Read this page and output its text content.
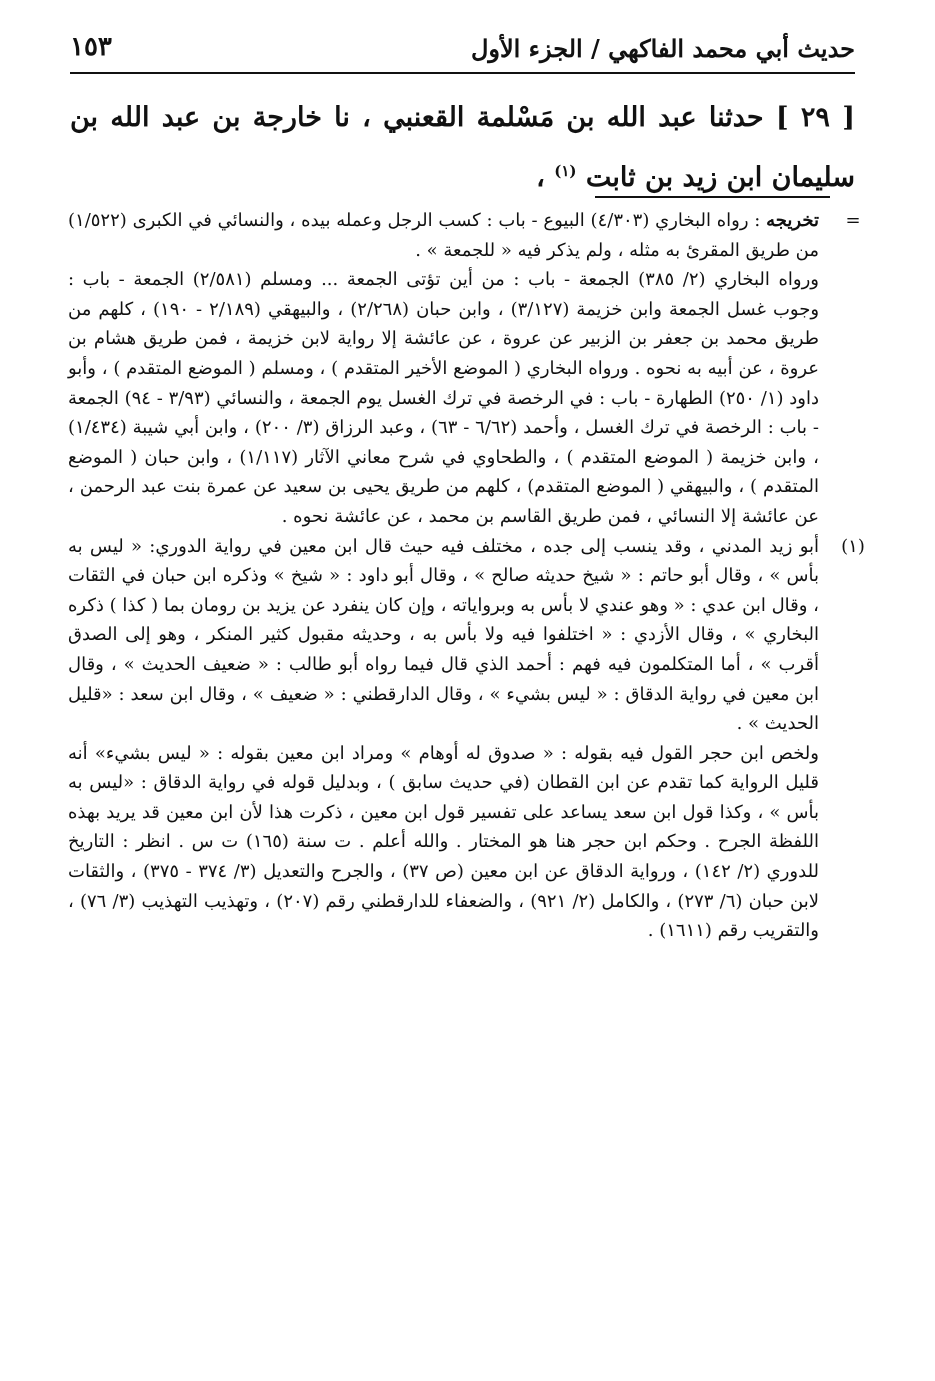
حديث أبي محمد الفاكهي / الجزء الأول
١٥٣
[ ٢٩ ] حدثنا عبد الله بن مَسْلمة القعنبي ، نا خارجة بن عبد الله بن سليمان ابن زيد بن ثابت $^{(١)}$ ،
=

تخريجه : رواه البخاري (٤/٣٠٣) البيوع - باب : كسب الرجل وعمله بيده ، والنسائي في الكبرى (١/٥٢٢) من طريق المقرئ به مثله ، ولم يذكر فيه « للجمعة » .

ورواه البخاري (٢/ ٣٨٥) الجمعة - باب : من أين تؤتى الجمعة ... ومسلم (٢/٥٨١) الجمعة - باب : وجوب غسل الجمعة وابن خزيمة (٣/١٢٧) ، وابن حبان (٢/٢٦٨) ، والبيهقي (٢/١٨٩ - ١٩٠) ، كلهم من طريق محمد بن جعفر بن الزبير عن عروة ، عن عائشة إلا رواية لابن خزيمة ، فمن طريق هشام بن عروة ، عن أبيه به نحوه . ورواه البخاري ( الموضع الأخير المتقدم ) ، ومسلم ( الموضع المتقدم ) ، وأبو داود (١/ ٢٥٠) الطهارة - باب : في الرخصة في ترك الغسل يوم الجمعة ، والنسائي (٣/٩٣ - ٩٤) الجمعة - باب : الرخصة في ترك الغسل ، وأحمد (٦/٦٢ - ٦٣) ، وعبد الرزاق (٣/ ٢٠٠) ، وابن أبي شيبة (١/٤٣٤) ، وابن خزيمة ( الموضع المتقدم ) ، والطحاوي في شرح معاني الآثار (١/١١٧) ، وابن حبان ( الموضع المتقدم ) ، والبيهقي ( الموضع المتقدم) ، كلهم من طريق يحيى بن سعيد عن عمرة بنت عبد الرحمن ، عن عائشة إلا النسائي ، فمن طريق القاسم بن محمد ، عن عائشة نحوه .

(١)

أبو زيد المدني ، وقد ينسب إلى جده ، مختلف فيه حيث قال ابن معين في رواية الدوري: « ليس به بأس » ، وقال أبو حاتم : « شيخ حديثه صالح » ، وقال أبو داود : « شيخ » وذكره ابن حبان في الثقات ، وقال ابن عدي : « وهو عندي لا بأس به وبرواياته ، وإن كان ينفرد عن يزيد بن رومان بما ( كذا ) ذكره البخاري » ، وقال الأزدي : « اختلفوا فيه ولا بأس به ، وحديثه مقبول كثير المنكر ، وهو إلى الصدق أقرب » ، أما المتكلمون فيه فهم : أحمد الذي قال فيما رواه أبو طالب : « ضعيف الحديث » ، وقال ابن معين في رواية الدقاق : « ليس بشيء » ، وقال الدارقطني : « ضعيف » ، وقال ابن سعد : «قليل الحديث » .

ولخص ابن حجر القول فيه بقوله : « صدوق له أوهام » ومراد ابن معين بقوله : « ليس بشيء» أنه قليل الرواية كما تقدم عن ابن القطان (في حديث سابق ) ، وبدليل قوله في رواية الدقاق : «ليس به بأس » ، وكذا قول ابن سعد يساعد على تفسير قول ابن معين ، ذكرت هذا لأن ابن معين قد يريد بهذه اللفظة الجرح . وحكم ابن حجر هنا هو المختار . والله أعلم . ت سنة (١٦٥) ت س . انظر : التاريخ للدوري (٢/ ١٤٢) ، ورواية الدقاق عن ابن معين (ص ٣٧) ، والجرح والتعديل (٣/ ٣٧٤ - ٣٧٥) ، والثقات لابن حبان (٦/ ٢٧٣) ، والكامل (٢/ ٩٢١) ، والضعفاء للدارقطني رقم (٢٠٧) ، وتهذيب التهذيب (٣/ ٧٦) ، والتقريب رقم (١٦١١) .
